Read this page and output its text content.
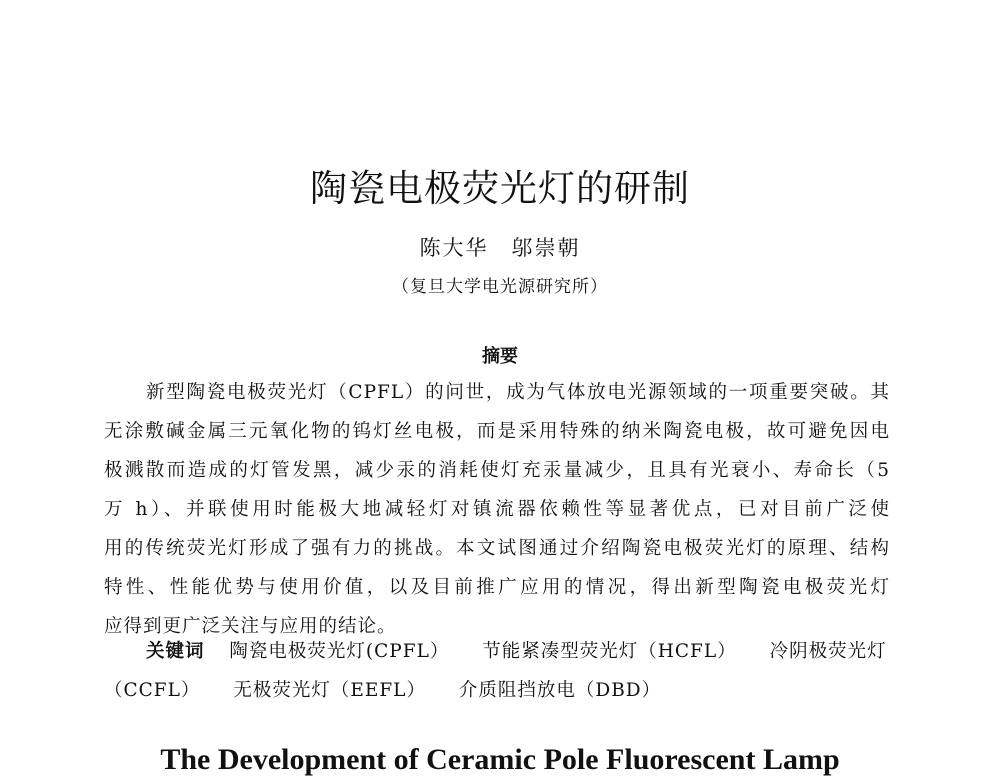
陶瓷电极荧光灯的研制
陈大华　邬崇朝
（复旦大学电光源研究所）
摘要
新型陶瓷电极荧光灯（CPFL）的问世，成为气体放电光源领域的一项重要突破。其
无涂敷碱金属三元氧化物的钨灯丝电极，而是采用特殊的纳米陶瓷电极，故可避免因电
极溅散而造成的灯管发黑，减少汞的消耗使灯充汞量减少，且具有光衰小、寿命长（5
万 h）、并联使用时能极大地减轻灯对镇流器依赖性等显著优点，已对目前广泛使
用的传统荧光灯形成了强有力的挑战。本文试图通过介绍陶瓷电极荧光灯的原理、结构
特性、性能优势与使用价值，以及目前推广应用的情况，得出新型陶瓷电极荧光灯
应得到更广泛关注与应用的结论。
关键词 陶瓷电极荧光灯(CPFL） 节能紧凑型荧光灯（HCFL） 冷阴极荧光灯
（CCFL） 无极荧光灯（EEFL） 介质阻挡放电（DBD）
The Development of Ceramic Pole Fluorescent Lamp
